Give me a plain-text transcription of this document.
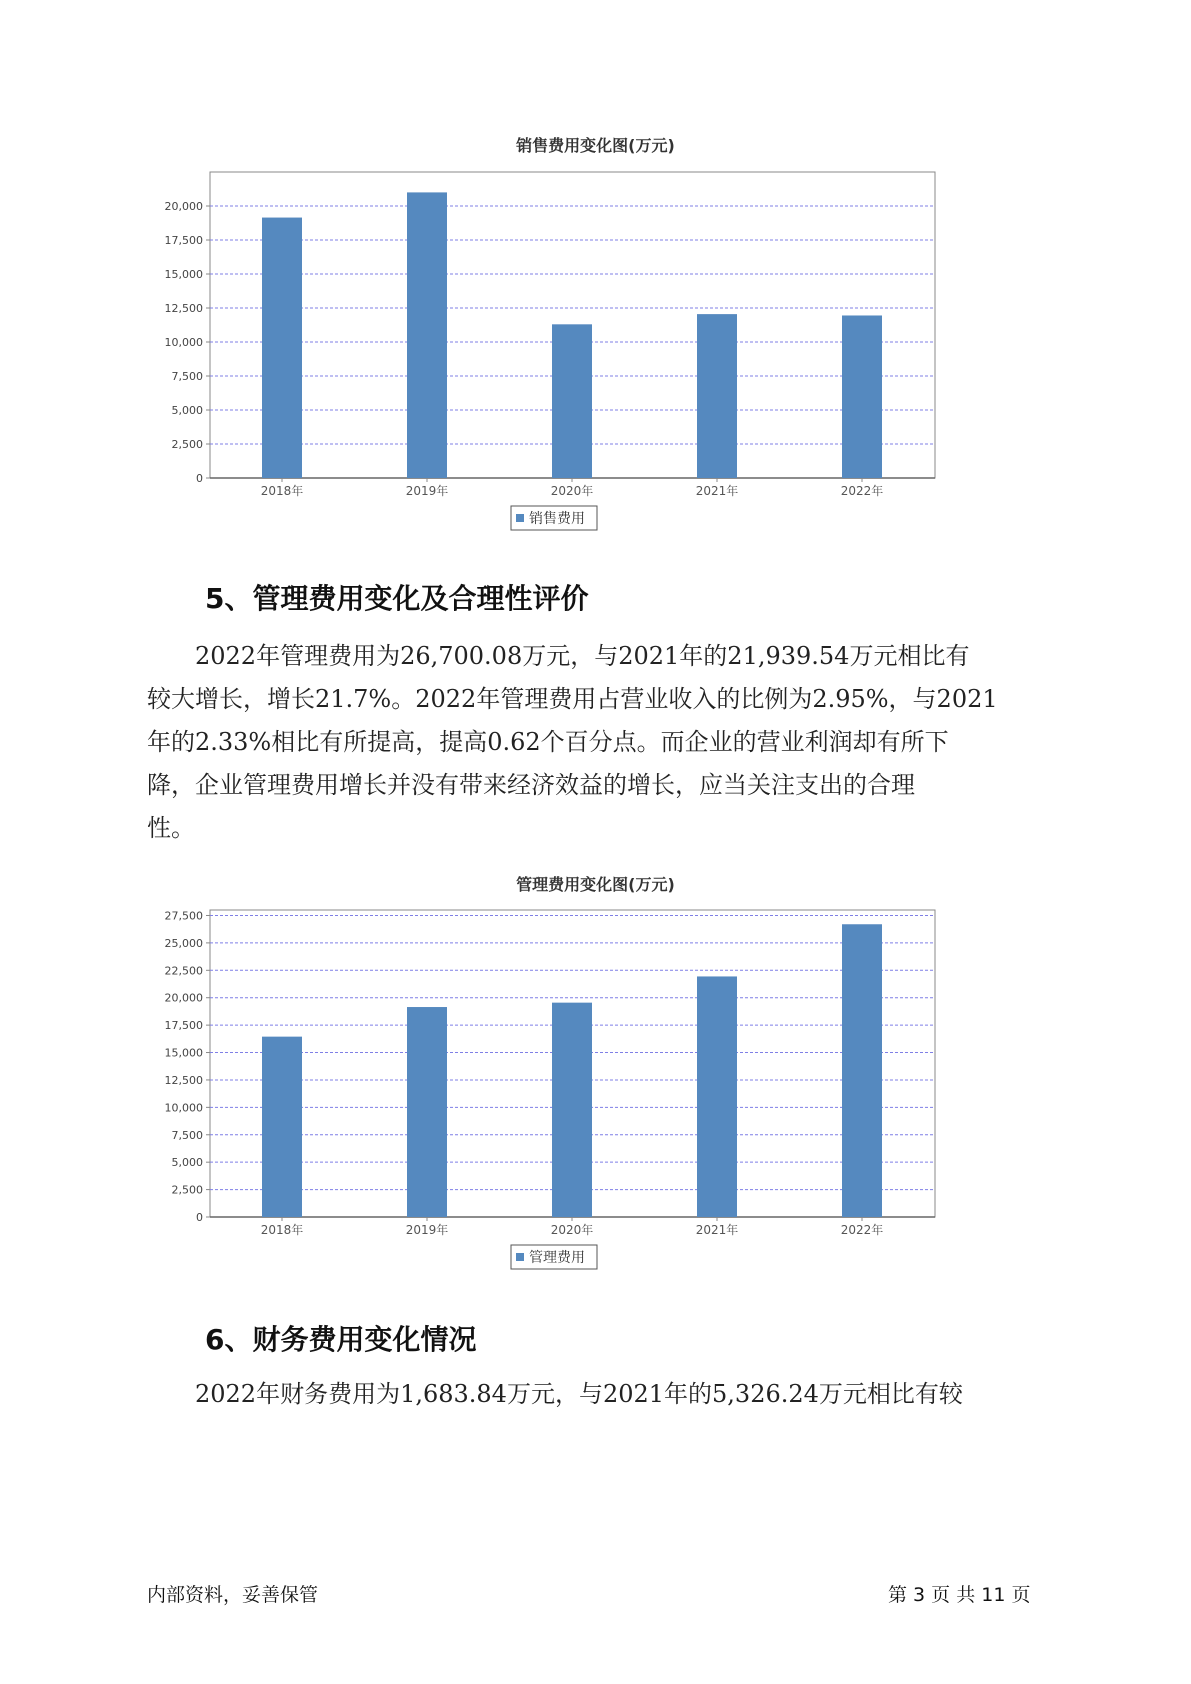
销售费用变化图(万元)
0
2,500
5,000
7,500
10,000
12,500
15,000
17,500
20,000
2018年	2019年	2020年	2021年	2022年
销售费用
5、管理费用变化及合理性评价

2022年管理费用为26,700.08万元，与2021年的21,939.54万元相比有
较大增长，增长21.7%。2022年管理费用占营业收入的比例为2.95%，与2021
年的2.33%相比有所提高，提高0.62个百分点。而企业的营业利润却有所下
降，企业管理费用增长并没有带来经济效益的增长，应当关注支出的合理
性。

管理费用变化图(万元)
0
2,500
5,000
7,500
10,000
12,500
15,000
17,500
20,000
22,500
25,000
27,500
2018年	2019年	2020年	2021年	2022年
管理费用
6、财务费用变化情况

2022年财务费用为1,683.84万元，与2021年的5,326.24万元相比有较

内部资料，妥善保管	第 3 页 共 11 页
